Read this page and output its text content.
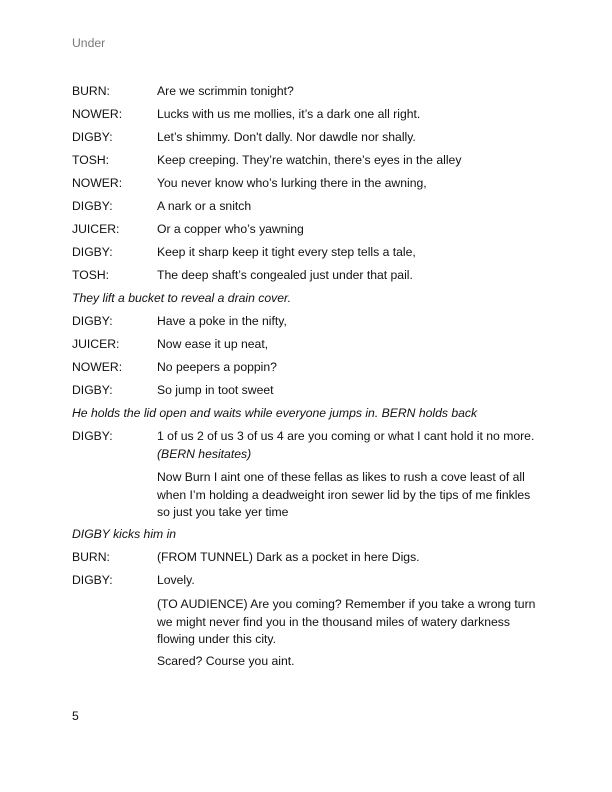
Under
BURN:	Are we scrimmin tonight?
NOWER:	Lucks with us me mollies, it’s a dark one all right.
DIGBY:	Let’s shimmy. Don't dally. Nor dawdle nor shally.
TOSH:	Keep creeping. They’re watchin, there’s eyes in the alley
NOWER:	You never know who’s lurking there in the awning,
DIGBY:	A nark or a snitch
JUICER:	Or a copper who’s yawning
DIGBY:	Keep it sharp keep it tight every step tells a tale,
TOSH:	The deep shaft’s congealed just under that pail.
They lift a bucket to reveal a drain cover.
DIGBY:	Have a poke in the nifty,
JUICER:	Now ease it up neat,
NOWER:	No peepers a poppin?
DIGBY:	So jump in toot sweet
He holds the lid open and waits while everyone jumps in. BERN holds back
DIGBY:	1 of us 2 of us 3 of us 4 are you coming or what I cant hold it no more. (BERN hesitates)
Now Burn I aint one of these fellas as likes to rush a cove least of all when I’m holding a deadweight iron sewer lid by the tips of me finkles so just you take yer time
DIGBY kicks him in
BURN:	(FROM TUNNEL) Dark as a pocket in here Digs.
DIGBY:	Lovely.
(TO AUDIENCE) Are you coming? Remember if you take a wrong turn we might never find you in the thousand miles of watery darkness flowing under this city.
Scared? Course you aint.
5
